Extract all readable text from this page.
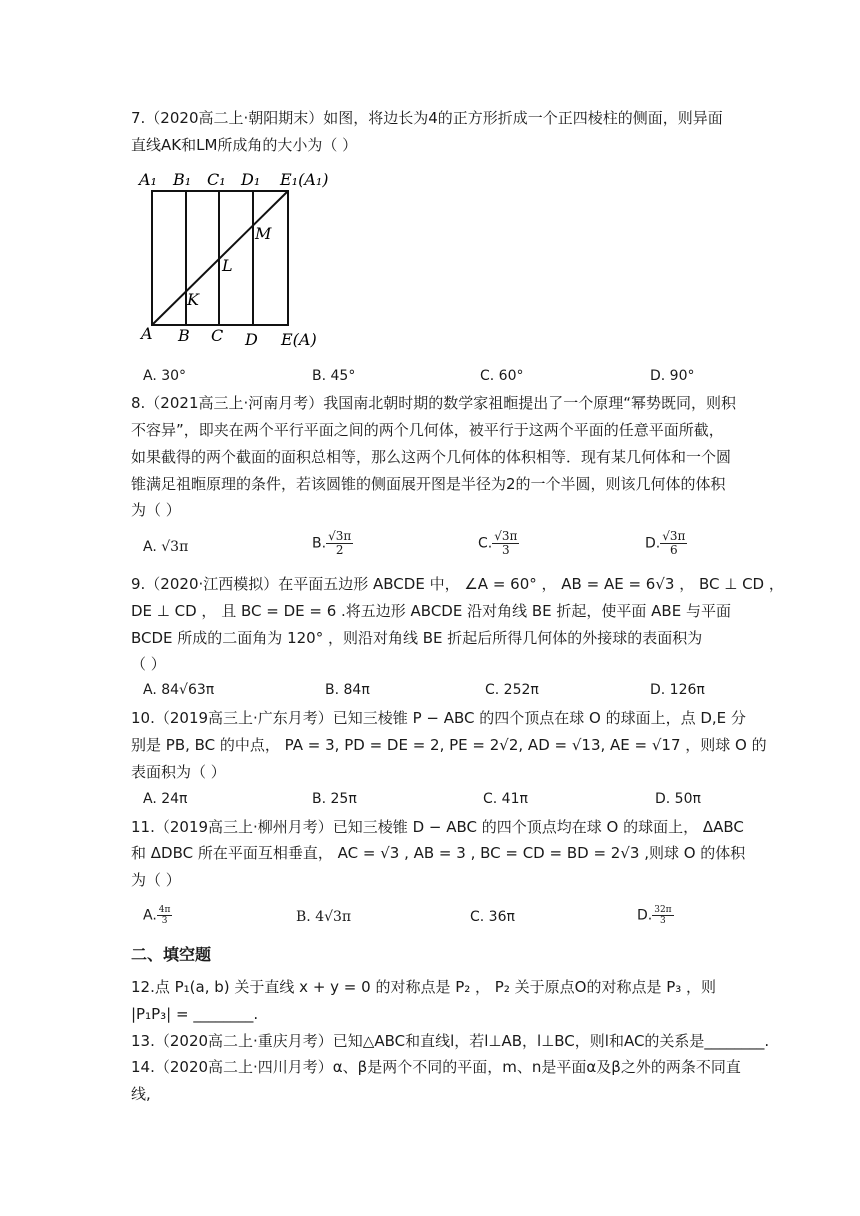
7.（2020高二上·朝阳期末）如图，将边长为4的正方形折成一个正四棱柱的侧面，则异面
直线AK和LM所成角的大小为（ ）
A₁ B₁ C₁ D₁ E₁(A₁)
M
L
K
A B C D E(A)
A. 30°	B. 45°	C. 60°	D. 90°
8.（2021高三上·河南月考）我国南北朝时期的数学家祖暅提出了一个原理“幂势既同，则积
不容异”，即夹在两个平行平面之间的两个几何体，被平行于这两个平面的任意平面所截，
如果截得的两个截面的面积总相等，那么这两个几何体的体积相等．现有某几何体和一个圆
锥满足祖暅原理的条件，若该圆锥的侧面展开图是半径为2的一个半圆，则该几何体的体积
为（ ）
A. √3π	B. $\frac{√3\pi}{2}$	C. $\frac{√3\pi}{3}$	D. $\frac{√3\pi}{6}$
9.（2020·江西模拟）在平面五边形 ABCDE 中， ∠A = 60° ， AB = AE = 6√3 ， BC ⊥ CD ，
DE ⊥ CD ， 且 BC = DE = 6 .将五边形 ABCDE 沿对角线 BE 折起，使平面 ABE 与平面
BCDE 所成的二面角为 120° ，则沿对角线 BE 折起后所得几何体的外接球的表面积为
（ ）
A. 84√63π	B. 84π	C. 252π	D. 126π
10.（2019高三上·广东月考）已知三棱锥 P − ABC 的四个顶点在球 O 的球面上，点 D,E 分
别是 PB, BC 的中点， PA = 3, PD = DE = 2, PE = 2√2, AD = √13, AE = √17 ，则球 O 的
表面积为（ ）
A. 24π	B. 25π	C. 41π	D. 50π
11.（2019高三上·柳州月考）已知三棱锥 D − ABC 的四个顶点均在球 O 的球面上， ΔABC
和 ΔDBC 所在平面互相垂直， AC = √3 , AB = 3 , BC = CD = BD = 2√3 ,则球 O 的体积
为（ ）
A. $\frac{4\pi}{3}$	B. 4√3π	C. 36π	D. $\frac{32\pi}{3}$
二、填空题
12.点 P₁(a, b) 关于直线 x + y = 0 的对称点是 P₂ ， P₂ 关于原点O的对称点是 P₃ ，则
|P₁P₃| = ________.
13.（2020高二上·重庆月考）已知△ABC和直线l，若l⊥AB，l⊥BC，则l和AC的关系是________.
14.（2020高二上·四川月考）α、β是两个不同的平面，m、n是平面α及β之外的两条不同直
线,
